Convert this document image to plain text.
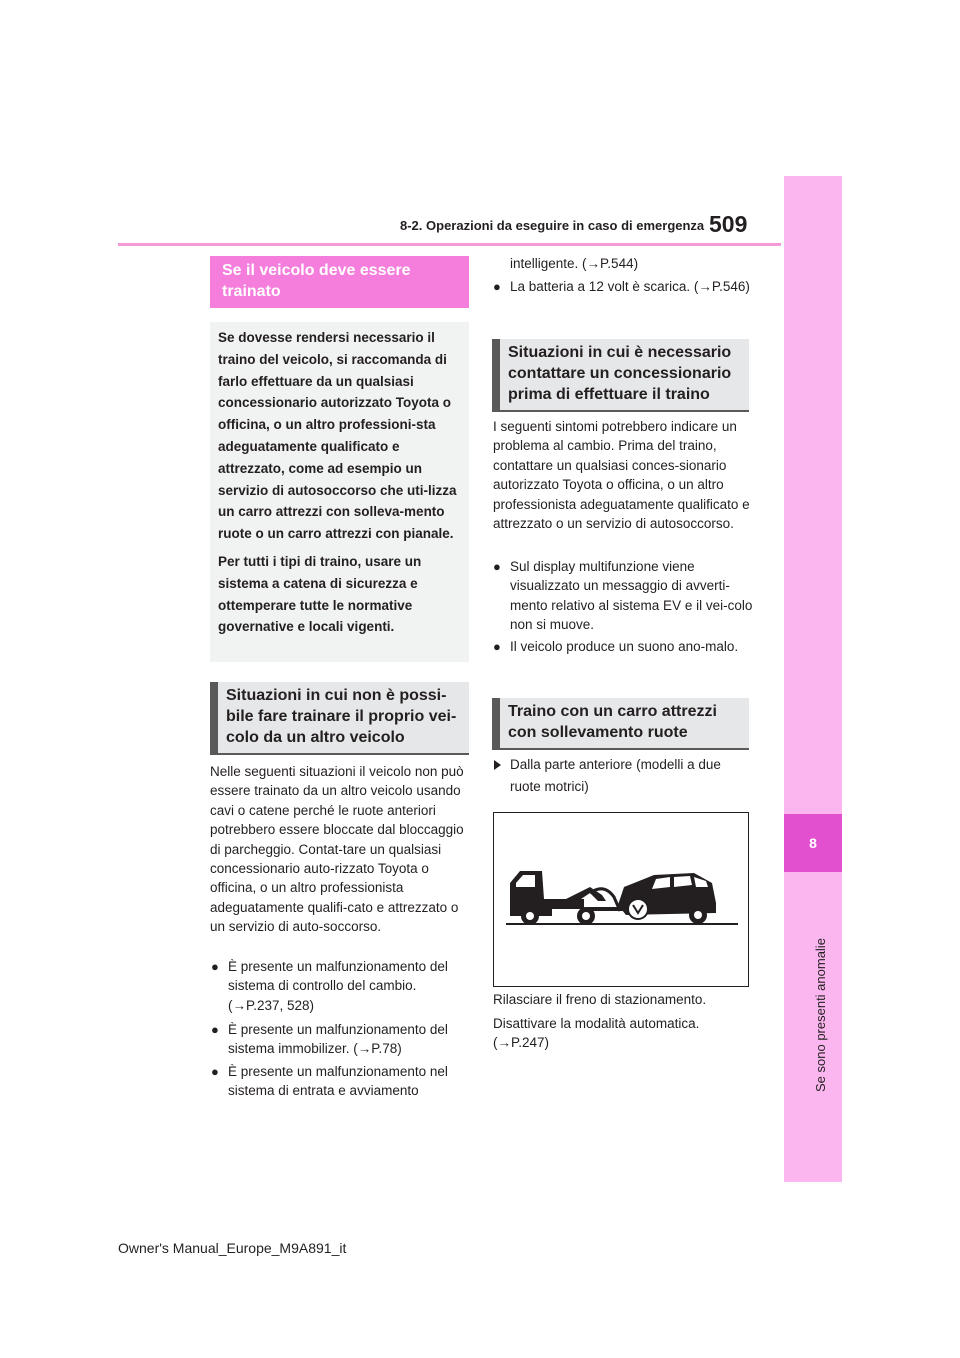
8-2. Operazioni da eseguire in caso di emergenza 509
8
Se sono presenti anomalie
Se il veicolo deve essere trainato

Se dovesse rendersi necessario il traino del veicolo, si raccomanda di farlo effettuare da un qualsiasi concessionario autorizzato Toyota o officina, o un altro professioni-sta adeguatamente qualificato e attrezzato, come ad esempio un servizio di autosoccorso che uti-lizza un carro attrezzi con solleva-mento ruote o un carro attrezzi con pianale.

Per tutti i tipi di traino, usare un sistema a catena di sicurezza e ottemperare tutte le normative governative e locali vigenti.

Situazioni in cui non è possi-bile fare trainare il proprio vei-colo da un altro veicolo
Nelle seguenti situazioni il veicolo non può essere trainato da un altro veicolo usando cavi o catene perché le ruote anteriori potrebbero essere bloccate dal bloccaggio di parcheggio. Contat-tare un qualsiasi concessionario auto-rizzato Toyota o officina, o un altro professionista adeguatamente qualifi-cato e attrezzato o un servizio di auto-soccorso.
● È presente un malfunzionamento del sistema di controllo del cambio. (→P.237, 528)
● È presente un malfunzionamento del sistema immobilizer. (→P.78)
● È presente un malfunzionamento nel sistema di entrata e avviamento
intelligente. (→P.544)
● La batteria a 12 volt è scarica. (→P.546)
Situazioni in cui è necessario contattare un concessionario prima di effettuare il traino
I seguenti sintomi potrebbero indicare un problema al cambio. Prima del traino, contattare un qualsiasi conces-sionario autorizzato Toyota o officina, o un altro professionista adeguatamente qualificato e attrezzato o un servizio di autosoccorso.
● Sul display multifunzione viene visualizzato un messaggio di avverti-mento relativo al sistema EV e il vei-colo non si muove.
● Il veicolo produce un suono ano-malo.
Traino con un carro attrezzi con sollevamento ruote
Dalla parte anteriore (modelli a due ruote motrici)
Rilasciare il freno di stazionamento.
Disattivare la modalità automatica. (→P.247)
Owner's Manual_Europe_M9A891_it
